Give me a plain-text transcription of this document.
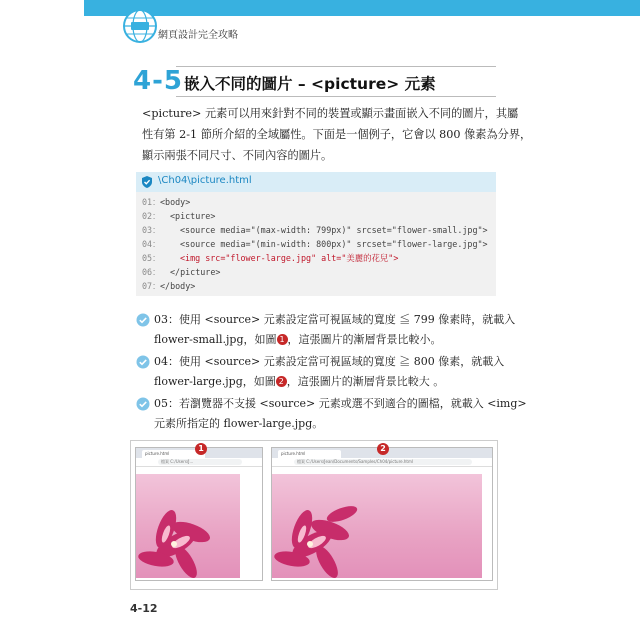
網頁設計完全攻略
4-5 嵌入不同的圖片 – <picture> 元素
<picture> 元素可以用來針對不同的裝置或顯示畫面嵌入不同的圖片，其屬
性有第 2-1 節所介紹的全域屬性。下面是一個例子，它會以 800 像素為分界，
顯示兩張不同尺寸、不同內容的圖片。
\Ch04\picture.html
01： <body>
02： <picture>
03： <source media="(max-width: 799px)" srcset="flower-small.jpg">
04： <source media="(min-width: 800px)" srcset="flower-large.jpg">
05： <img src="flower-large.jpg" alt="美麗的花兒">
06： </picture>
07： </body>
03：使用 <source> 元素設定當可視區域的寬度 ≦ 799 像素時，就載入
flower-small.jpg，如圖 1 ，這張圖片的漸層背景比較小。
04：使用 <source> 元素設定當可視區域的寬度 ≧ 800 像素，就載入
flower-large.jpg，如圖 2 ，這張圖片的漸層背景比較大 。
05：若瀏覽器不支援 <source> 元素或選不到適合的圖檔，就載入 <img>
元素所指定的 flower-large.jpg。
picture.html
檔案 C:/Users/J...
1
picture.html
檔案 C:/Users/Jean/Documents/Samples/Ch04/picture.html
2
4-12
